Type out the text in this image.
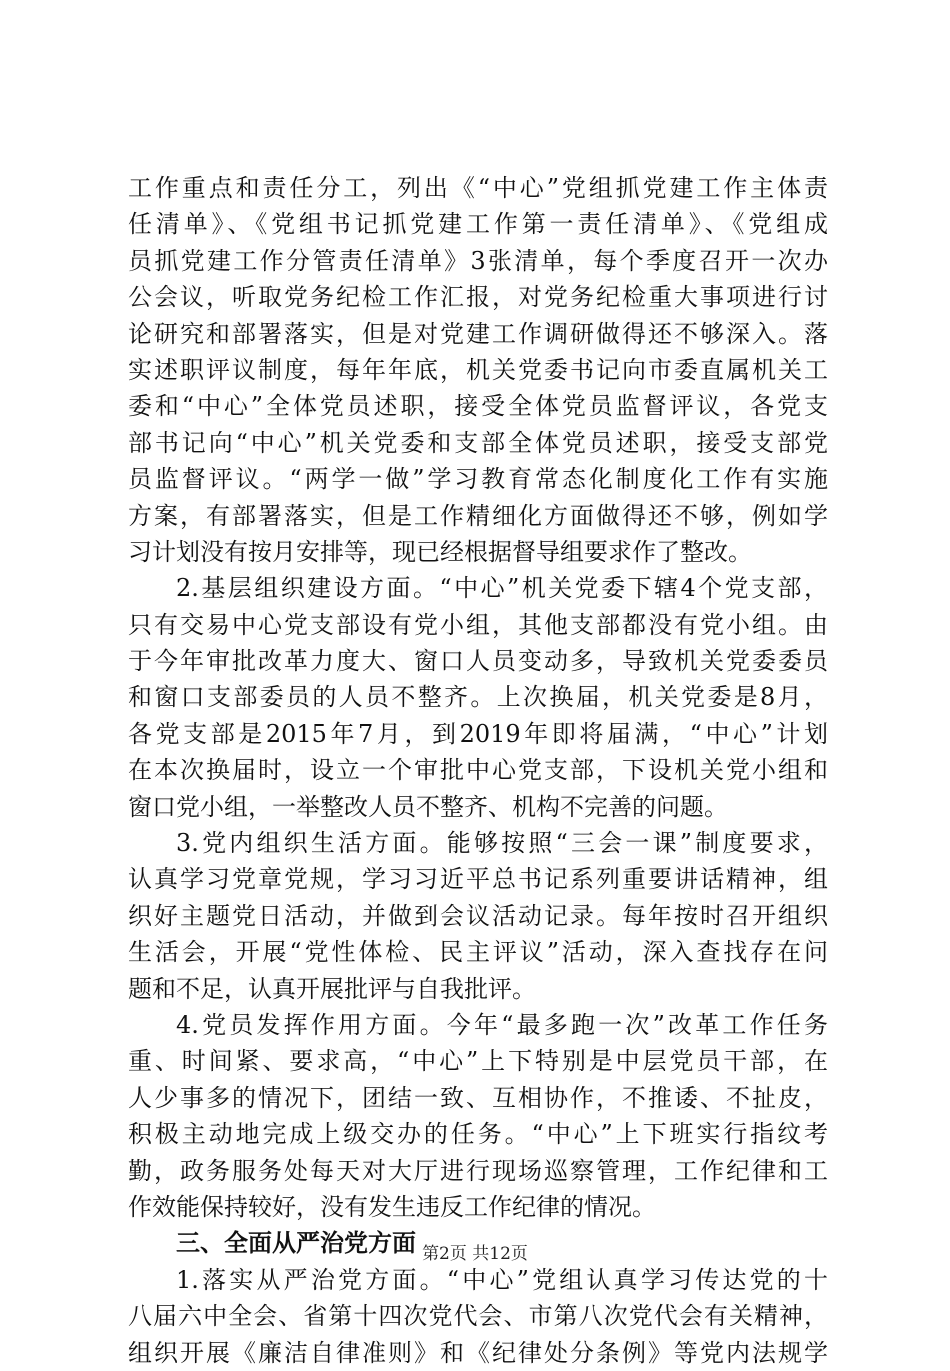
工作重点和责任分工，列出《“中心”党组抓党建工作主体责
任清单》、《党组书记抓党建工作第一责任清单》、《党组成
员抓党建工作分管责任清单》3张清单，每个季度召开一次办
公会议，听取党务纪检工作汇报，对党务纪检重大事项进行讨
论研究和部署落实，但是对党建工作调研做得还不够深入。落
实述职评议制度，每年年底，机关党委书记向市委直属机关工
委和“中心”全体党员述职，接受全体党员监督评议，各党支
部书记向“中心”机关党委和支部全体党员述职，接受支部党
员监督评议。“两学一做”学习教育常态化制度化工作有实施
方案，有部署落实，但是工作精细化方面做得还不够，例如学
习计划没有按月安排等，现已经根据督导组要求作了整改。
2.基层组织建设方面。“中心”机关党委下辖4个党支部，
只有交易中心党支部设有党小组，其他支部都没有党小组。由
于今年审批改革力度大、窗口人员变动多，导致机关党委委员
和窗口支部委员的人员不整齐。上次换届，机关党委是8月，
各党支部是2015年7月，到2019年即将届满，“中心”计划
在本次换届时，设立一个审批中心党支部，下设机关党小组和
窗口党小组，一举整改人员不整齐、机构不完善的问题。
3.党内组织生活方面。能够按照“三会一课”制度要求，
认真学习党章党规，学习习近平总书记系列重要讲话精神，组
织好主题党日活动，并做到会议活动记录。每年按时召开组织
生活会，开展“党性体检、民主评议”活动，深入查找存在问
题和不足，认真开展批评与自我批评。
4.党员发挥作用方面。今年“最多跑一次”改革工作任务
重、时间紧、要求高，“中心”上下特别是中层党员干部，在
人少事多的情况下，团结一致、互相协作，不推诿、不扯皮，
积极主动地完成上级交办的任务。“中心”上下班实行指纹考
勤，政务服务处每天对大厅进行现场巡察管理，工作纪律和工
作效能保持较好，没有发生违反工作纪律的情况。
三、全面从严治党方面
1.落实从严治党方面。“中心”党组认真学习传达党的十
八届六中全会、省第十四次党代会、市第八次党代会有关精神，
组织开展《廉洁自律准则》和《纪律处分条例》等党内法规学
第2页 共12页
